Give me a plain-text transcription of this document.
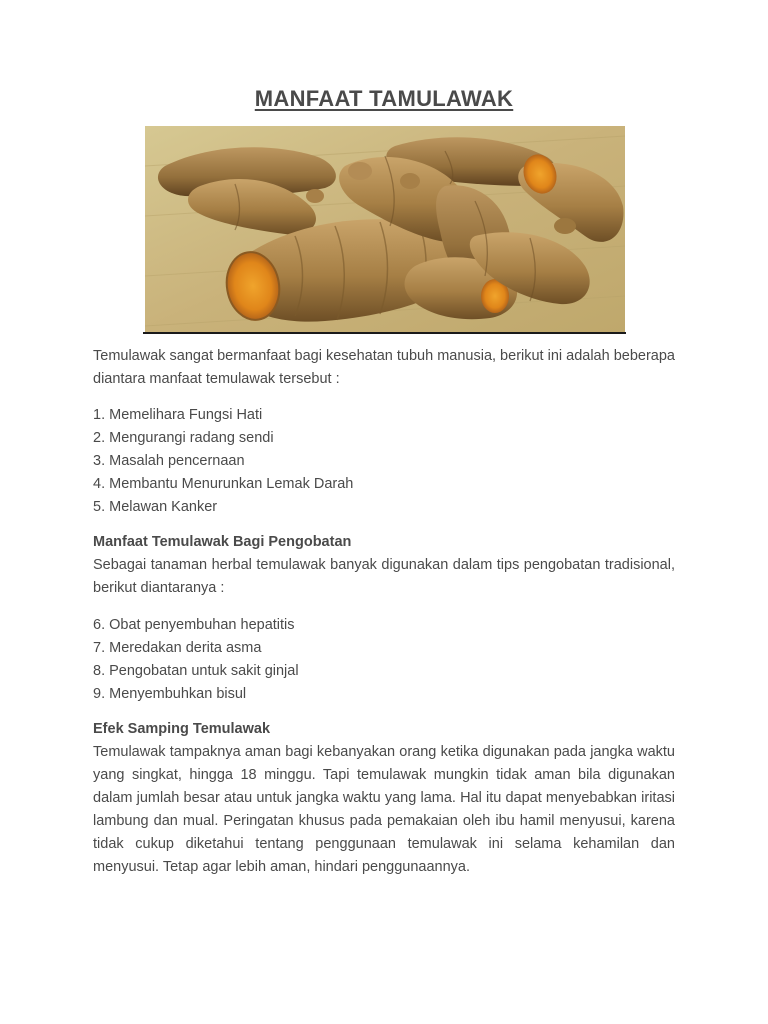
MANFAAT TAMULAWAK

Temulawak sangat bermanfaat bagi kesehatan tubuh manusia, berikut ini adalah beberapa diantara manfaat temulawak tersebut :

1. Memelihara Fungsi Hati
2. Mengurangi radang sendi
3. Masalah pencernaan
4. Membantu Menurunkan Lemak Darah
5. Melawan Kanker

Manfaat Temulawak Bagi Pengobatan

Sebagai tanaman herbal temulawak banyak digunakan dalam tips pengobatan tradisional, berikut diantaranya :

6. Obat penyembuhan hepatitis
7. Meredakan derita asma
8. Pengobatan untuk sakit ginjal
9. Menyembuhkan bisul

Efek Samping Temulawak

Temulawak tampaknya aman bagi kebanyakan orang ketika digunakan pada jangka waktu yang singkat, hingga 18 minggu. Tapi temulawak mungkin tidak aman bila digunakan dalam jumlah besar atau untuk jangka waktu yang lama. Hal itu dapat menyebabkan iritasi lambung dan mual. Peringatan khusus pada pemakaian oleh ibu hamil menyusui, karena tidak cukup diketahui tentang penggunaan temulawak ini selama kehamilan dan menyusui. Tetap agar lebih aman, hindari penggunaannya.
